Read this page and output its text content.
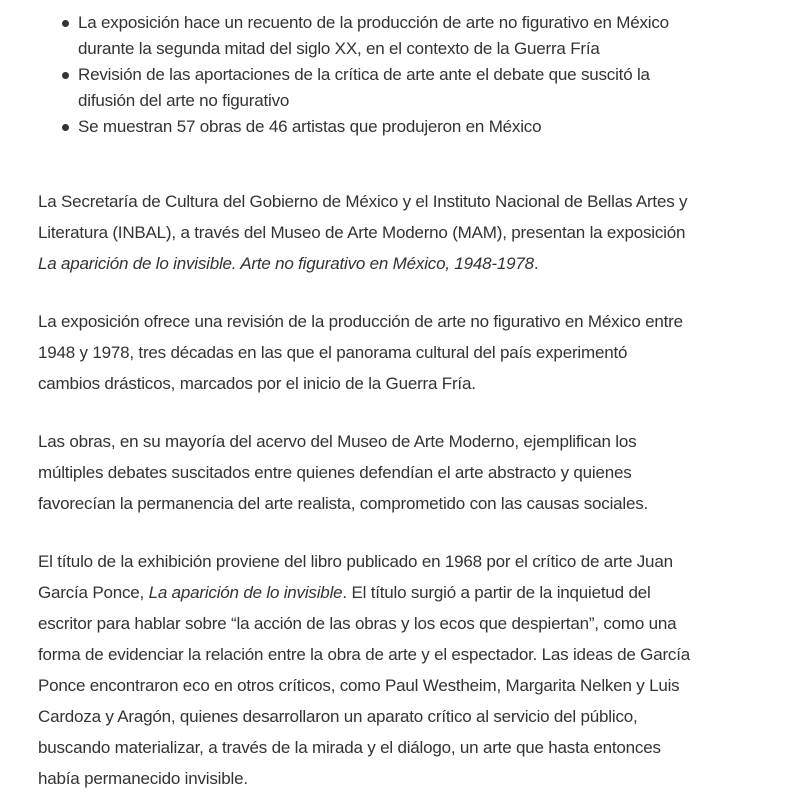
La exposición hace un recuento de la producción de arte no figurativo en México
durante la segunda mitad del siglo XX, en el contexto de la Guerra Fría
Revisión de las aportaciones de la crítica de arte ante el debate que suscitó la
difusión del arte no figurativo
Se muestran 57 obras de 46 artistas que produjeron en México

La Secretaría de Cultura del Gobierno de México y el Instituto Nacional de Bellas Artes y
Literatura (INBAL), a través del Museo de Arte Moderno (MAM), presentan la exposición
La aparición de lo invisible. Arte no figurativo en México, 1948-1978.

La exposición ofrece una revisión de la producción de arte no figurativo en México entre
1948 y 1978, tres décadas en las que el panorama cultural del país experimentó
cambios drásticos, marcados por el inicio de la Guerra Fría.

Las obras, en su mayoría del acervo del Museo de Arte Moderno, ejemplifican los
múltiples debates suscitados entre quienes defendían el arte abstracto y quienes
favorecían la permanencia del arte realista, comprometido con las causas sociales.

El título de la exhibición proviene del libro publicado en 1968 por el crítico de arte Juan
García Ponce, La aparición de lo invisible. El título surgió a partir de la inquietud del
escritor para hablar sobre “la acción de las obras y los ecos que despiertan”, como una
forma de evidenciar la relación entre la obra de arte y el espectador. Las ideas de García
Ponce encontraron eco en otros críticos, como Paul Westheim, Margarita Nelken y Luis
Cardoza y Aragón, quienes desarrollaron un aparato crítico al servicio del público,
buscando materializar, a través de la mirada y el diálogo, un arte que hasta entonces
había permanecido invisible.
